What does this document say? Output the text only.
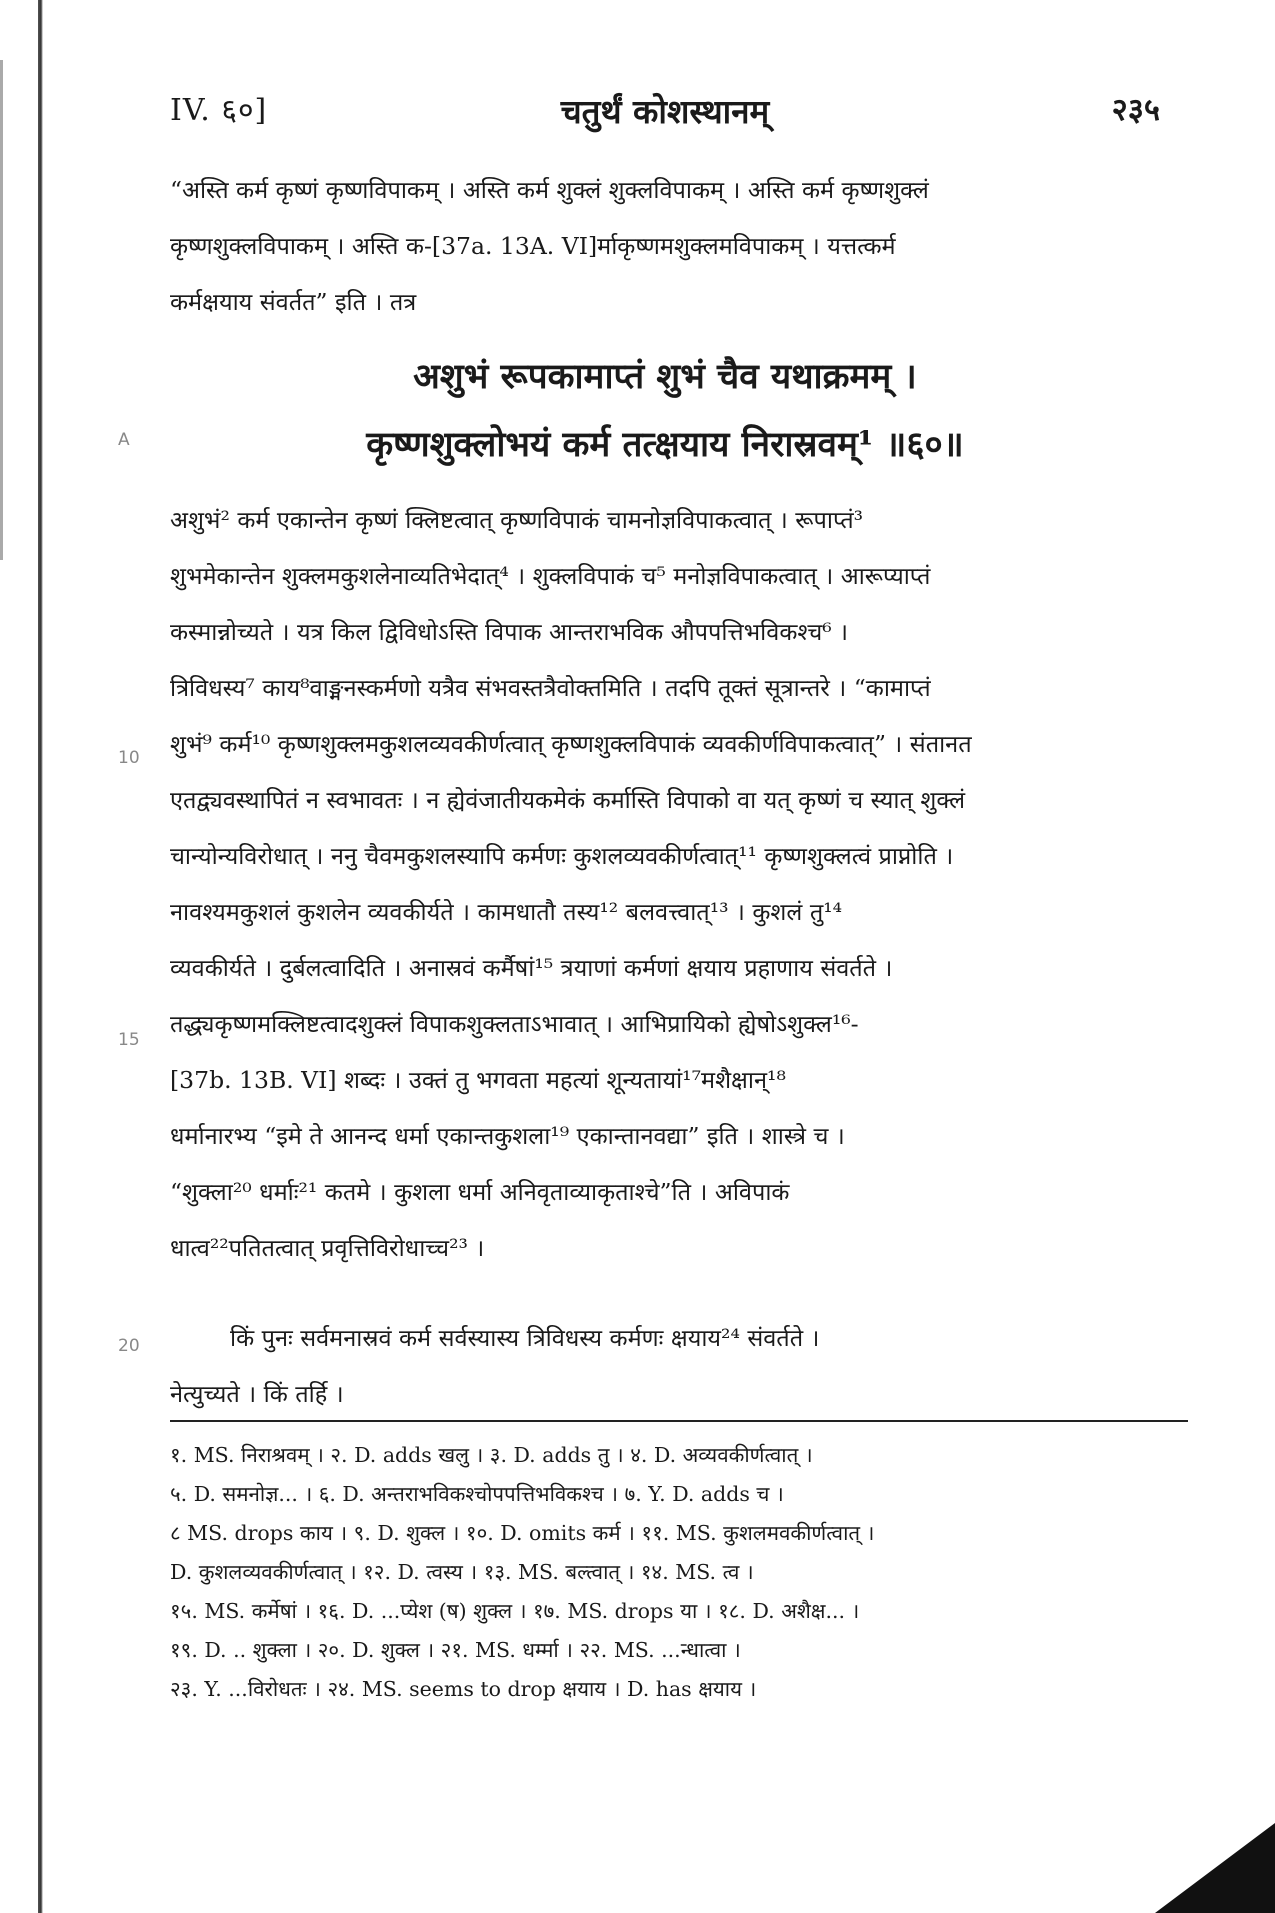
A
10
15
20
IV. ६०]	चतुर्थं कोशस्थानम्	२३५
“अस्ति कर्म कृष्णं कृष्णविपाकम् । अस्ति कर्म शुक्लं शुक्लविपाकम् । अस्ति कर्म कृष्णशुक्लं
कृष्णशुक्लविपाकम् । अस्ति क-[37a. 13A. VI]र्माकृष्णमशुक्लमविपाकम् । यत्तत्कर्म
कर्मक्षयाय संवर्तत” इति । तत्र
अशुभं रूपकामाप्तं शुभं चैव यथाक्रमम् ।
कृष्णशुक्लोभयं कर्म तत्क्षयाय निरास्रवम्¹ ॥६०॥
अशुभं² कर्म एकान्तेन कृष्णं क्लिष्टत्वात् कृष्णविपाकं चामनोज्ञविपाकत्वात् । रूपाप्तं³
शुभमेकान्तेन शुक्लमकुशलेनाव्यतिभेदात्⁴ । शुक्लविपाकं च⁵ मनोज्ञविपाकत्वात् । आरूप्याप्तं
कस्मान्नोच्यते । यत्र किल द्विविधोऽस्ति विपाक आन्तराभविक औपपत्तिभविकश्च⁶ ।
त्रिविधस्य⁷ काय⁸वाङ्मनस्कर्मणो यत्रैव संभवस्तत्रैवोक्तमिति । तदपि तूक्तं सूत्रान्तरे । “कामाप्तं
शुभं⁹ कर्म¹⁰ कृष्णशुक्लमकुशलव्यवकीर्णत्वात् कृष्णशुक्लविपाकं व्यवकीर्णविपाकत्वात्” । संतानत
एतद्व्यवस्थापितं न स्वभावतः । न ह्येवंजातीयकमेकं कर्मास्ति विपाको वा यत् कृष्णं च स्यात् शुक्लं
चान्योन्यविरोधात् । ननु चैवमकुशलस्यापि कर्मणः कुशलव्यवकीर्णत्वात्¹¹ कृष्णशुक्लत्वं प्राप्नोति ।
नावश्यमकुशलं कुशलेन व्यवकीर्यते । कामधातौ तस्य¹² बलवत्त्वात्¹³ । कुशलं तु¹⁴
व्यवकीर्यते । दुर्बलत्वादिति । अनास्रवं कर्मैषां¹⁵ त्रयाणां कर्मणां क्षयाय प्रहाणाय संवर्तते ।
तद्ध्यकृष्णमक्लिष्टत्वादशुक्लं विपाकशुक्लताऽभावात् । आभिप्रायिको ह्येषोऽशुक्ल¹⁶-
[37b. 13B. VI] शब्दः । उक्तं तु भगवता महत्यां शून्यतायां¹⁷मशैक्षान्¹⁸
धर्मानारभ्य “इमे ते आनन्द धर्मा एकान्तकुशला¹⁹ एकान्तानवद्या” इति । शास्त्रे च ।
“शुक्ला²⁰ धर्माः²¹ कतमे । कुशला धर्मा अनिवृताव्याकृताश्चे”ति । अविपाकं
धात्व²²पतितत्वात् प्रवृत्तिविरोधाच्च²³ ।
किं पुनः सर्वमनास्रवं कर्म सर्वस्यास्य त्रिविधस्य कर्मणः क्षयाय²⁴ संवर्तते ।
नेत्युच्यते । किं तर्हि ।
१. MS. निराश्रवम् । २. D. adds खलु । ३. D. adds तु । ४. D. अव्यवकीर्णत्वात् ।
५. D. समनोज्ञ... । ६. D. अन्तराभविकश्चोपपत्तिभविकश्च । ७. Y. D. adds च ।
८ MS. drops काय । ९. D. शुक्ल । १०. D. omits कर्म । ११. MS. कुशलमवकीर्णत्वात् ।
D. कुशलव्यवकीर्णत्वात् । १२. D. त्वस्य । १३. MS. बल्त्वात् । १४. MS. त्व ।
१५. MS. कर्मेषां । १६. D. ...प्येश (ष) शुक्ल । १७. MS. drops या । १८. D. अशैक्ष... ।
१९. D. .. शुक्ला । २०. D. शुक्ल । २१. MS. धर्म्मा । २२. MS. ...न्धात्वा ।
२३. Y. ...विरोधतः । २४. MS. seems to drop क्षयाय । D. has क्षयाय ।
